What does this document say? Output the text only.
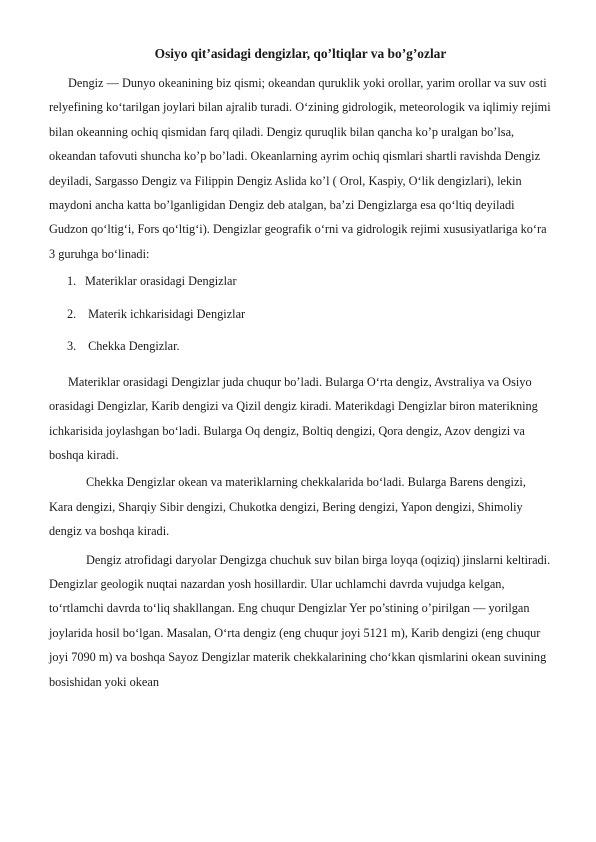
Osiyo qit’asidagi dengizlar, qo’ltiqlar va bo’g’ozlar

Dengiz — Dunyo okeanining biz qismi; okeandan quruklik yoki orollar, yarim orollar va suv osti relyefining ko‘tarilgan joylari bilan ajralib turadi. O‘zining gidrologik, meteorologik va iqlimiy rejimi bilan okeanning ochiq qismidan farq qiladi. Dengiz quruqlik bilan qancha ko’p uralgan bo’lsa, okeandan tafovuti shuncha ko’p bo’ladi. Okeanlarning ayrim ochiq qismlari shartli ravishda Dengiz deyiladi, Sargasso Dengiz va Filippin Dengiz Aslida ko’l ( Orol, Kaspiy, O‘lik dengizlari), lekin maydoni ancha katta bo’lganligidan Dengiz deb atalgan, ba’zi Dengizlarga esa qo‘ltiq deyiladi Gudzon qo‘ltig‘i, Fors qo‘ltig‘i). Dengizlar geografik o‘rni va gidrologik rejimi xususiyatlariga ko‘ra 3 guruhga bo‘linadi:

1. Materiklar orasidagi Dengizlar
2. Materik ichkarisidagi Dengizlar
3. Chekka Dengizlar.

Materiklar orasidagi Dengizlar juda chuqur bo’ladi. Bularga O‘rta dengiz, Avstraliya va Osiyo orasidagi Dengizlar, Karib dengizi va Qizil dengiz kiradi. Materikdagi Dengizlar biron materikning ichkarisida joylashgan bo‘ladi. Bularga Oq dengiz, Boltiq dengizi, Qora dengiz, Azov dengizi va boshqa kiradi.

Chekka Dengizlar okean va materiklarning chekkalarida bo‘ladi. Bularga Barens dengizi, Kara dengizi, Sharqiy Sibir dengizi, Chukotka dengizi, Bering dengizi, Yapon dengizi, Shimoliy dengiz va boshqa kiradi.

Dengiz atrofidagi daryolar Dengizga chuchuk suv bilan birga loyqa (oqiziq) jinslarni keltiradi. Dengizlar geologik nuqtai nazardan yosh hosillardir. Ular uchlamchi davrda vujudga kelgan, to‘rtlamchi davrda to‘liq shakllangan. Eng chuqur Dengizlar Yer po’stining o’pirilgan — yorilgan joylarida hosil bo‘lgan. Masalan, O‘rta dengiz (eng chuqur joyi 5121 m), Karib dengizi (eng chuqur joyi 7090 m) va boshqa Sayoz Dengizlar materik chekkalarining cho‘kkan qismlarini okean suvining bosishidan yoki okean
